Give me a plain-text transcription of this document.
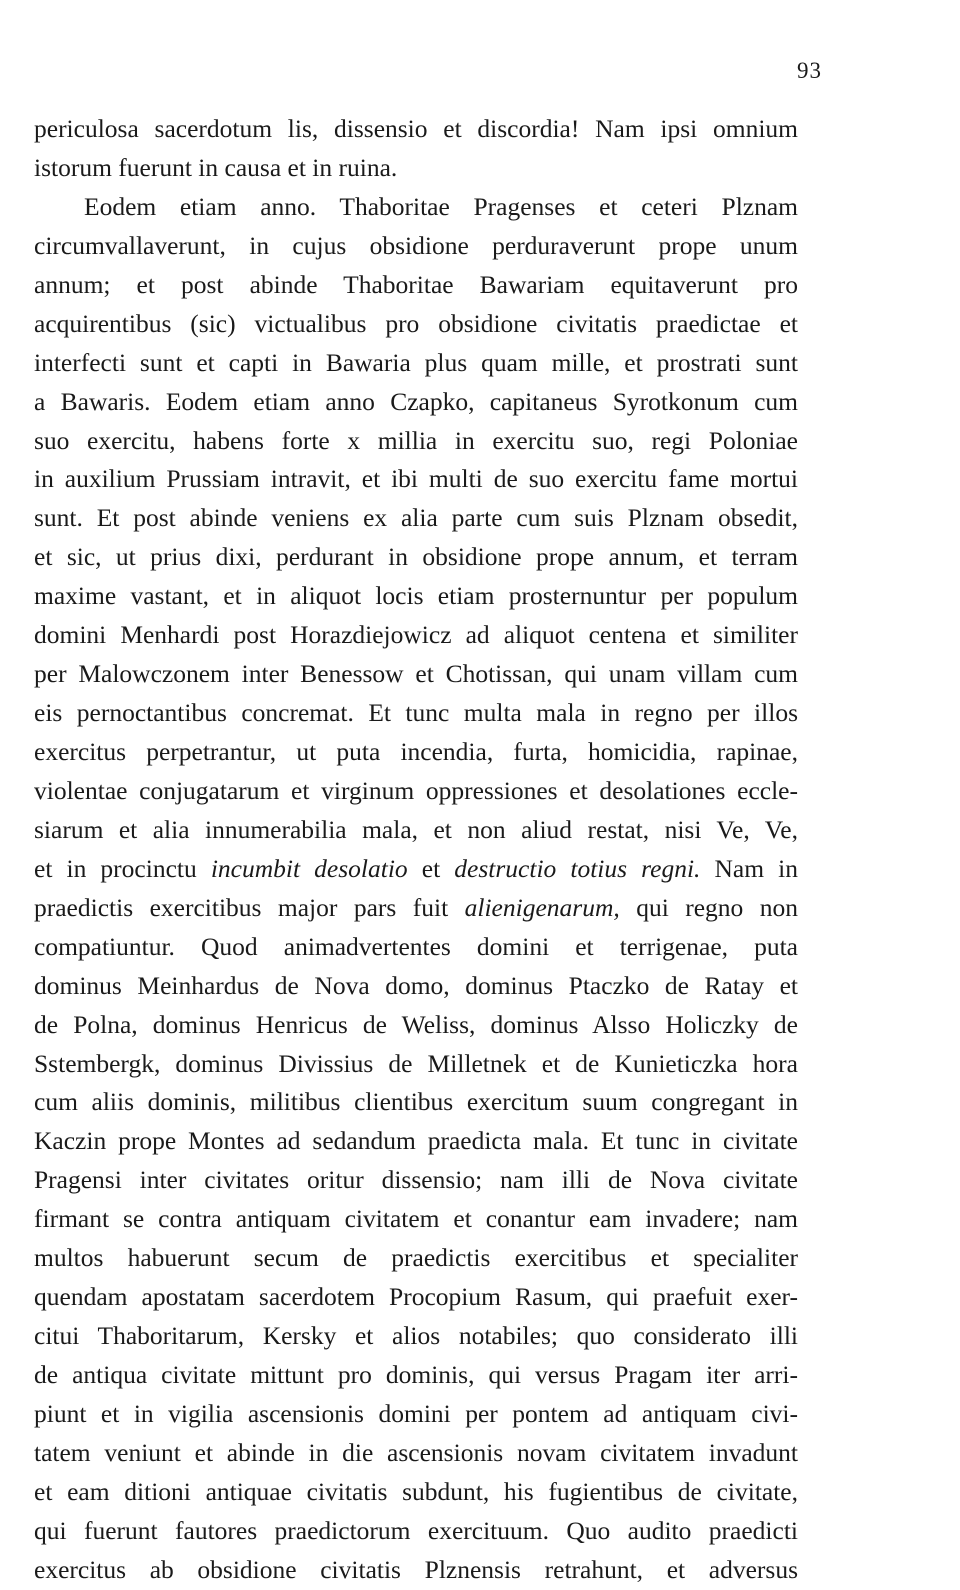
93
periculosa sacerdotum lis, dissensio et discordia! Nam ipsi omnium
istorum fuerunt in causa et in ruina.
Eodem etiam anno. Thaboritae Pragenses et ceteri Plznam
circumvallaverunt, in cujus obsidione perduraverunt prope unum
annum; et post abinde Thaboritae Bawariam equitaverunt pro
acquirentibus (sic) victualibus pro obsidione civitatis praedictae et
interfecti sunt et capti in Bawaria plus quam mille, et prostrati sunt
a Bawaris. Eodem etiam anno Czapko, capitaneus Syrotkonum cum
suo exercitu, habens forte x millia in exercitu suo, regi Poloniae
in auxilium Prussiam intravit, et ibi multi de suo exercitu fame mortui
sunt. Et post abinde veniens ex alia parte cum suis Plznam obsedit,
et sic, ut prius dixi, perdurant in obsidione prope annum, et terram
maxime vastant, et in aliquot locis etiam prosternuntur per populum
domini Menhardi post Horazdiejowicz ad aliquot centena et similiter
per Malowczonem inter Benessow et Chotissan, qui unam villam cum
eis pernoctantibus concremat. Et tunc multa mala in regno per illos
exercitus perpetrantur, ut puta incendia, furta, homicidia, rapinae,
violentae conjugatarum et virginum oppressiones et desolationes eccle-
siarum et alia innumerabilia mala, et non aliud restat, nisi Ve, Ve,
et in procinctu incumbit desolatio et destructio totius regni. Nam in
praedictis exercitibus major pars fuit alienigenarum, qui regno non
compatiuntur. Quod animadvertentes domini et terrigenae, puta
dominus Meinhardus de Nova domo, dominus Ptaczko de Ratay et
de Polna, dominus Henricus de Weliss, dominus Alsso Holiczky de
Sstembergk, dominus Divissius de Milletnek et de Kunieticzka hora
cum aliis dominis, militibus clientibus exercitum suum congregant in
Kaczin prope Montes ad sedandum praedicta mala. Et tunc in civitate
Pragensi inter civitates oritur dissensio; nam illi de Nova civitate
firmant se contra antiquam civitatem et conantur eam invadere; nam
multos habuerunt secum de praedictis exercitibus et specialiter
quendam apostatam sacerdotem Procopium Rasum, qui praefuit exer-
citui Thaboritarum, Kersky et alios notabiles; quo considerato illi
de antiqua civitate mittunt pro dominis, qui versus Pragam iter arri-
piunt et in vigilia ascensionis domini per pontem ad antiquam civi-
tatem veniunt et abinde in die ascensionis novam civitatem invadunt
et eam ditioni antiquae civitatis subdunt, his fugientibus de civitate,
qui fuerunt fautores praedictorum exercituum. Quo audito praedicti
exercitus ab obsidione civitatis Plznensis retrahunt, et adversus
